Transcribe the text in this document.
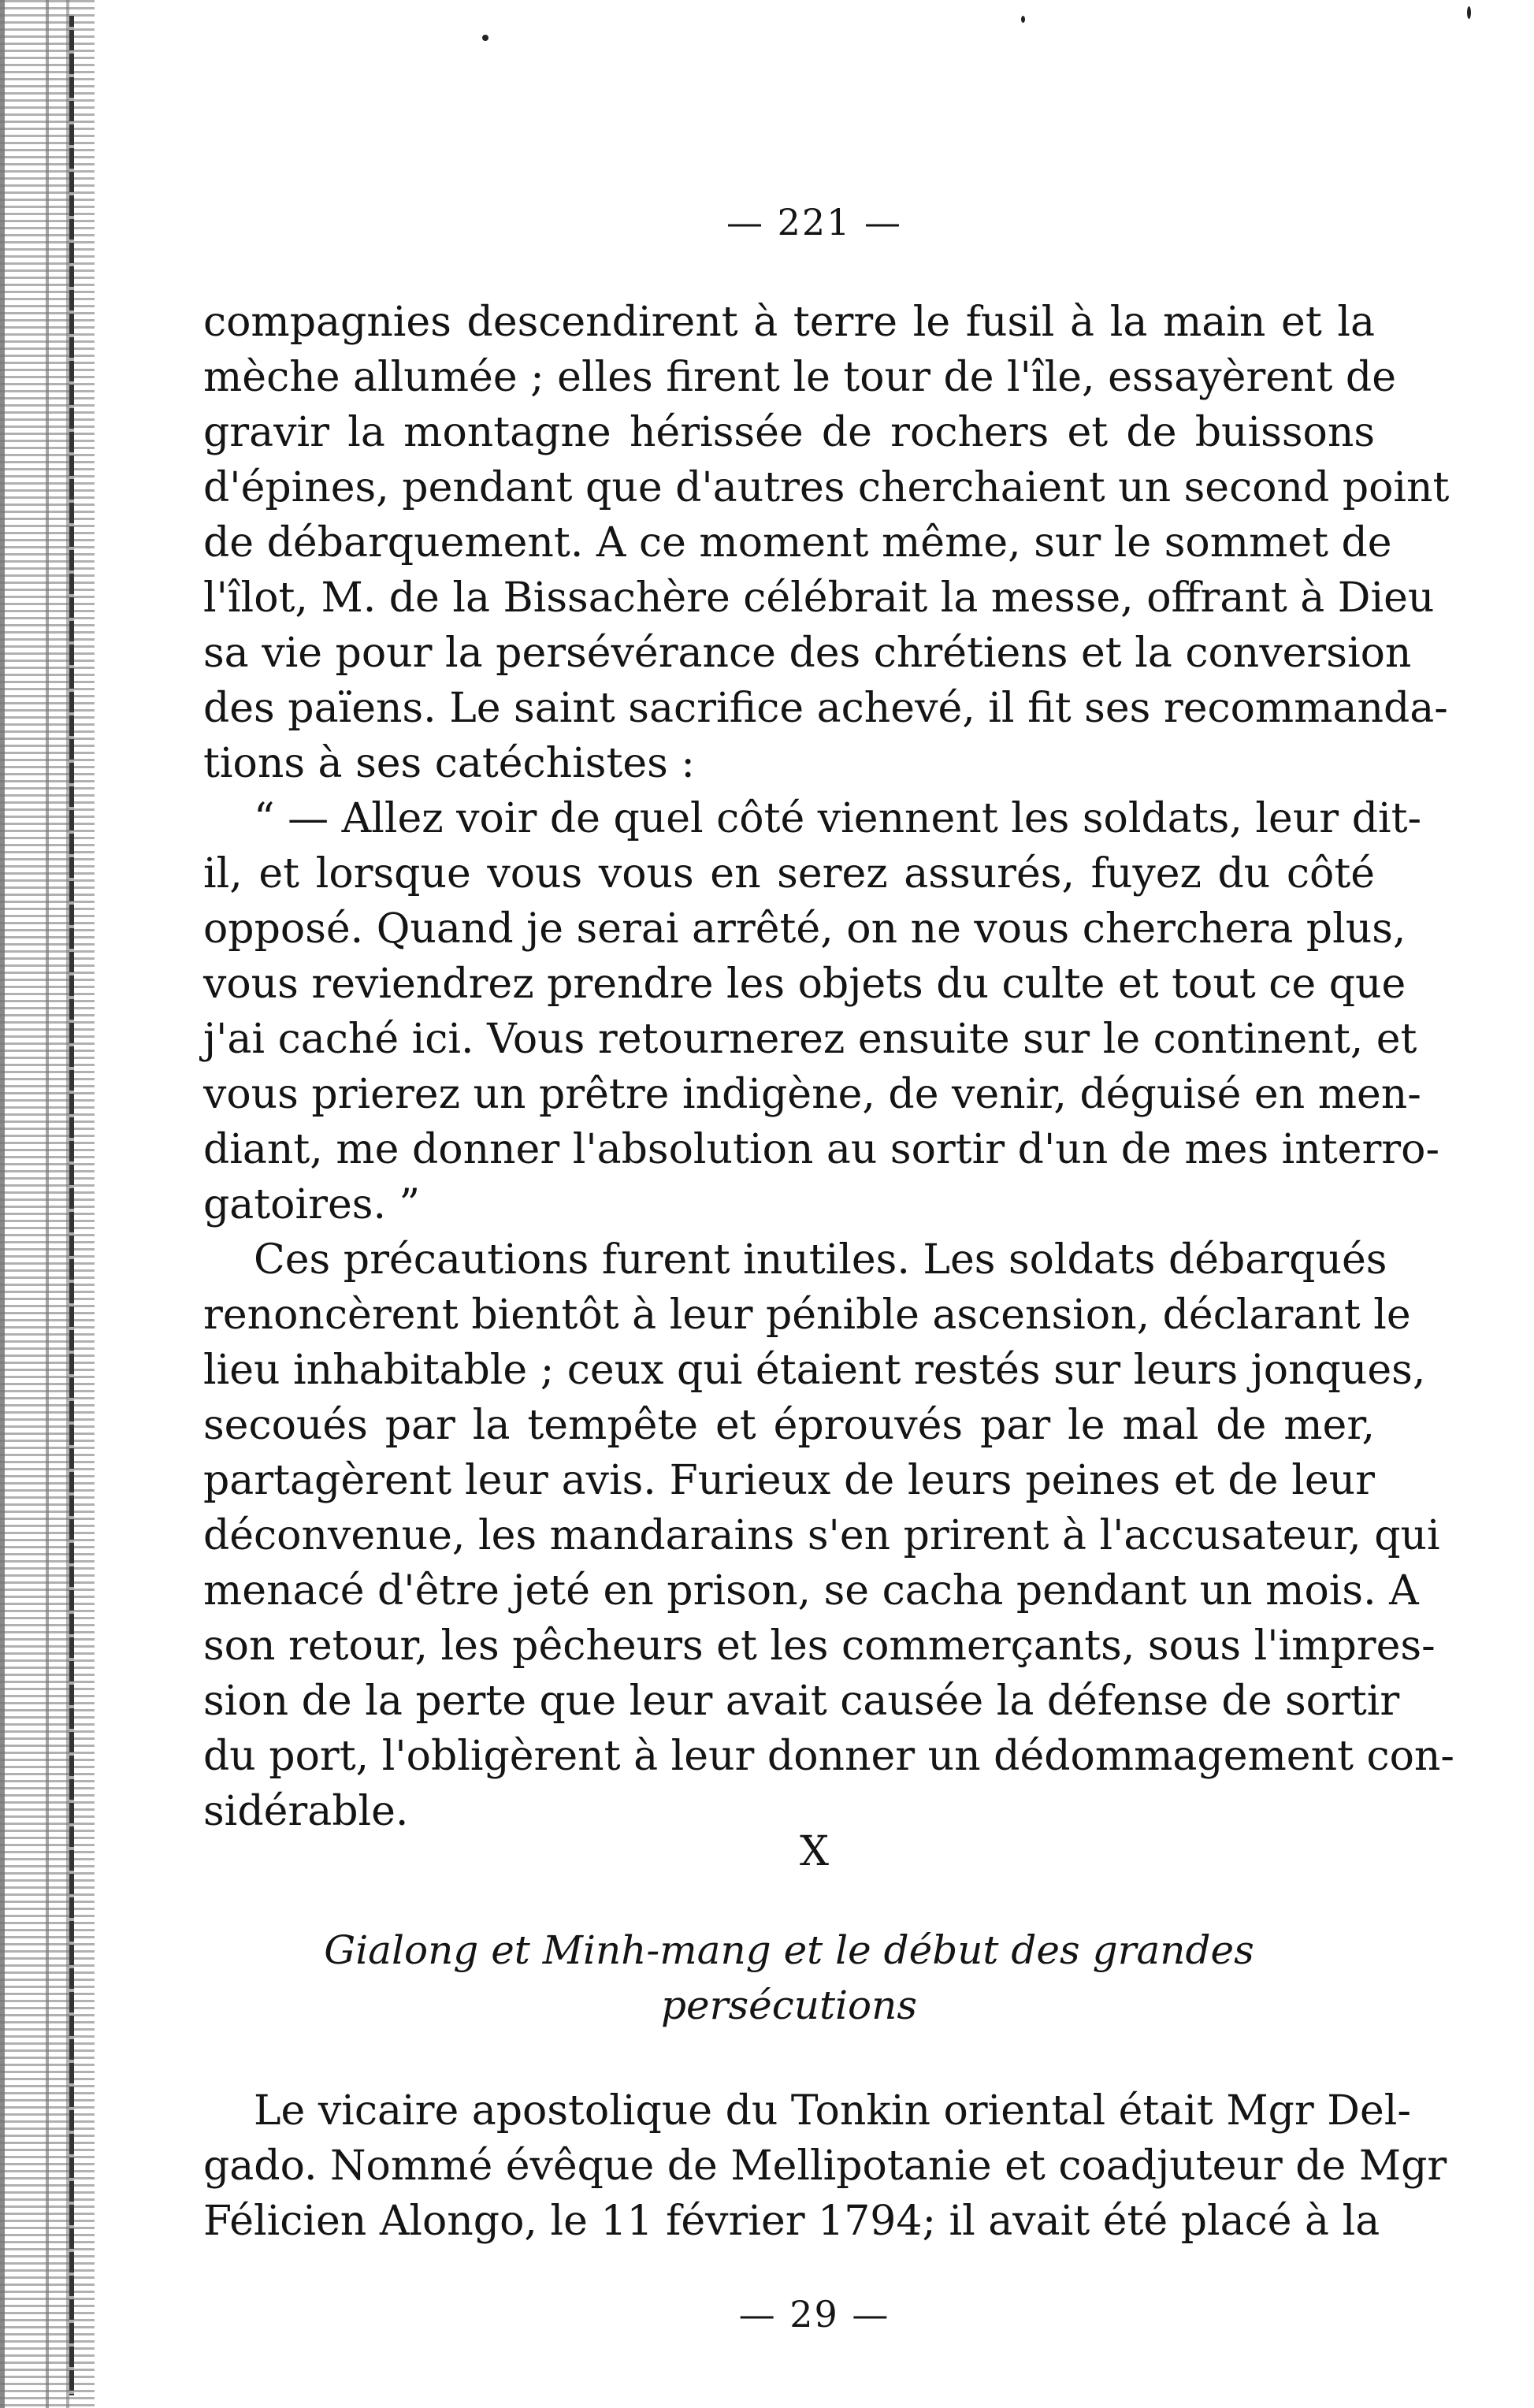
— 221 —
compagnies descendirent à terre le fusil à la main et la
mèche allumée ; elles firent le tour de l'île, essayèrent de
gravir la montagne hérissée de rochers et de buissons
d'épines, pendant que d'autres cherchaient un second point
de débarquement. A ce moment même, sur le sommet de
l'îlot, M. de la Bissachère célébrait la messe, offrant à Dieu
sa vie pour la persévérance des chrétiens et la conversion
des païens. Le saint sacrifice achevé, il fit ses recommanda-
tions à ses catéchistes :
“ — Allez voir de quel côté viennent les soldats, leur dit-
il, et lorsque vous vous en serez assurés, fuyez du côté
opposé. Quand je serai arrêté, on ne vous cherchera plus,
vous reviendrez prendre les objets du culte et tout ce que
j'ai caché ici. Vous retournerez ensuite sur le continent, et
vous prierez un prêtre indigène, de venir, déguisé en men-
diant, me donner l'absolution au sortir d'un de mes interro-
gatoires. ”
Ces précautions furent inutiles. Les soldats débarqués
renoncèrent bientôt à leur pénible ascension, déclarant le
lieu inhabitable ; ceux qui étaient restés sur leurs jonques,
secoués par la tempête et éprouvés par le mal de mer,
partagèrent leur avis. Furieux de leurs peines et de leur
déconvenue, les mandarains s'en prirent à l'accusateur, qui
menacé d'être jeté en prison, se cacha pendant un mois. A
son retour, les pêcheurs et les commerçants, sous l'impres-
sion de la perte que leur avait causée la défense de sortir
du port, l'obligèrent à leur donner un dédommagement con-
sidérable.
X
Gialong et Minh-mang et le début des grandes
persécutions
Le vicaire apostolique du Tonkin oriental était Mgr Del-
gado. Nommé évêque de Mellipotanie et coadjuteur de Mgr
Félicien Alongo, le 11 février 1794; il avait été placé à la
— 29 —
